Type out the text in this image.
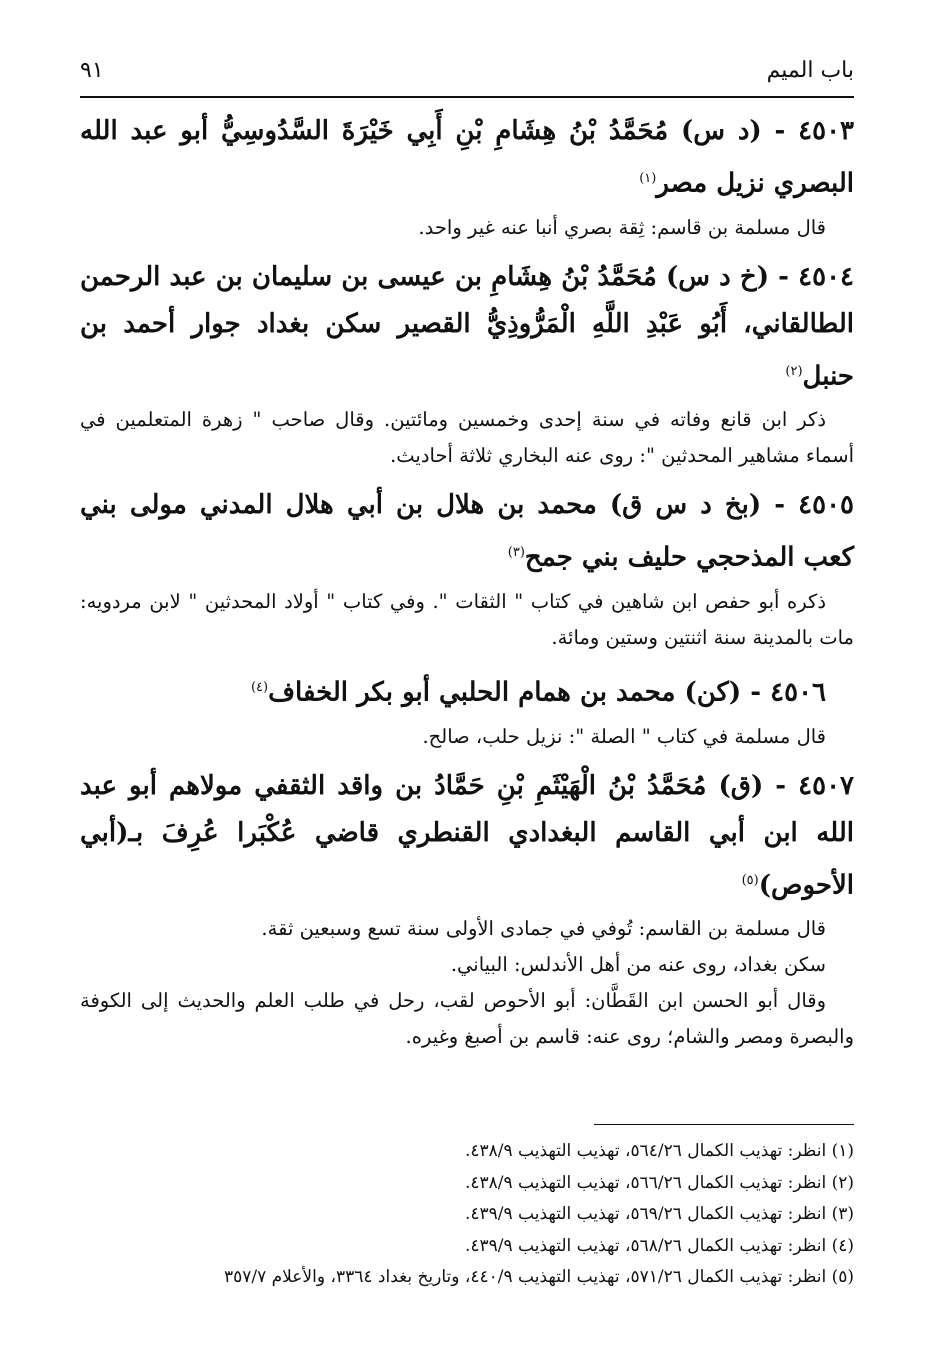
باب الميم
٩١

٤٥٠٣ - (د س) مُحَمَّدُ بْنُ هِشَامِ بْنِ أَبِي خَيْرَةَ السَّدُوسِيُّ أبو عبد الله البصري نزيل مصر$^{(١)}$

قال مسلمة بن قاسم: ثِقة بصري أنبا عنه غير واحد.

٤٥٠٤ - (خ د س) مُحَمَّدُ بْنُ هِشَامِ بن عيسى بن سليمان بن عبد الرحمن الطالقاني، أَبُو عَبْدِ اللَّهِ الْمَرُّوذِيُّ القصير سكن بغداد جوار أحمد بن حنبل$^{(٢)}$

ذكر ابن قانع وفاته في سنة إحدى وخمسين ومائتين. وقال صاحب " زهرة المتعلمين في أسماء مشاهير المحدثين ": روى عنه البخاري ثلاثة أحاديث.

٤٥٠٥ - (بخ د س ق) محمد بن هلال بن أبي هلال المدني مولى بني كعب المذحجي حليف بني جمح$^{(٣)}$

ذكره أبو حفص ابن شاهين في كتاب " الثقات ". وفي كتاب " أولاد المحدثين " لابن مردويه: مات بالمدينة سنة اثنتين وستين ومائة.

٤٥٠٦ - (كن) محمد بن همام الحلبي أبو بكر الخفاف$^{(٤)}$

قال مسلمة في كتاب " الصلة ": نزيل حلب، صالح.

٤٥٠٧ - (ق) مُحَمَّدُ بْنُ الْهَيْثَمِ بْنِ حَمَّادُ بن واقد الثقفي مولاهم أبو عبد الله ابن أبي القاسم البغدادي القنطري قاضي عُكْبَرا عُرِفَ بـ(أبي الأحوص)$^{(٥)}$

قال مسلمة بن القاسم: تُوفي في جمادى الأولى سنة تسع وسبعين ثقة.

سكن بغداد، روى عنه من أهل الأندلس: البياني.

وقال أبو الحسن ابن القَطَّان: أبو الأحوص لقب، رحل في طلب العلم والحديث إلى الكوفة والبصرة ومصر والشام؛ روى عنه: قاسم بن أصبغ وغيره.

(١) انظر: تهذيب الكمال ٥٦٤/٢٦، تهذيب التهذيب ٤٣٨/٩.

(٢) انظر: تهذيب الكمال ٥٦٦/٢٦، تهذيب التهذيب ٤٣٨/٩.

(٣) انظر: تهذيب الكمال ٥٦٩/٢٦، تهذيب التهذيب ٤٣٩/٩.

(٤) انظر: تهذيب الكمال ٥٦٨/٢٦، تهذيب التهذيب ٤٣٩/٩.

(٥) انظر: تهذيب الكمال ٥٧١/٢٦، تهذيب التهذيب ٤٤٠/٩، وتاريخ بغداد ٣٣٦٤، والأعلام ٣٥٧/٧
